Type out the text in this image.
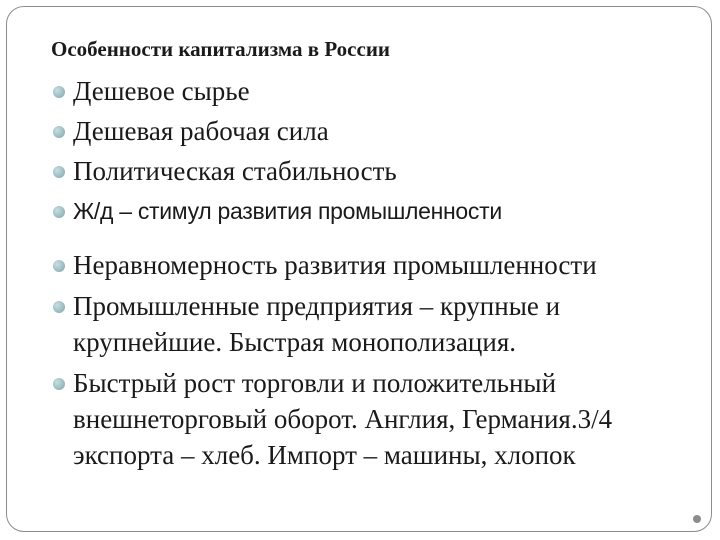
Особенности капитализма в России
Дешевое сырье
Дешевая рабочая сила
Политическая стабильность
Ж/д – стимул развития промышленности
Неравномерность развития промышленности
Промышленные предприятия – крупные и крупнейшие. Быстрая монополизация.
Быстрый рост торговли и положительный внешнеторговый оборот. Англия, Германия.3/4 экспорта – хлеб. Импорт – машины, хлопок
